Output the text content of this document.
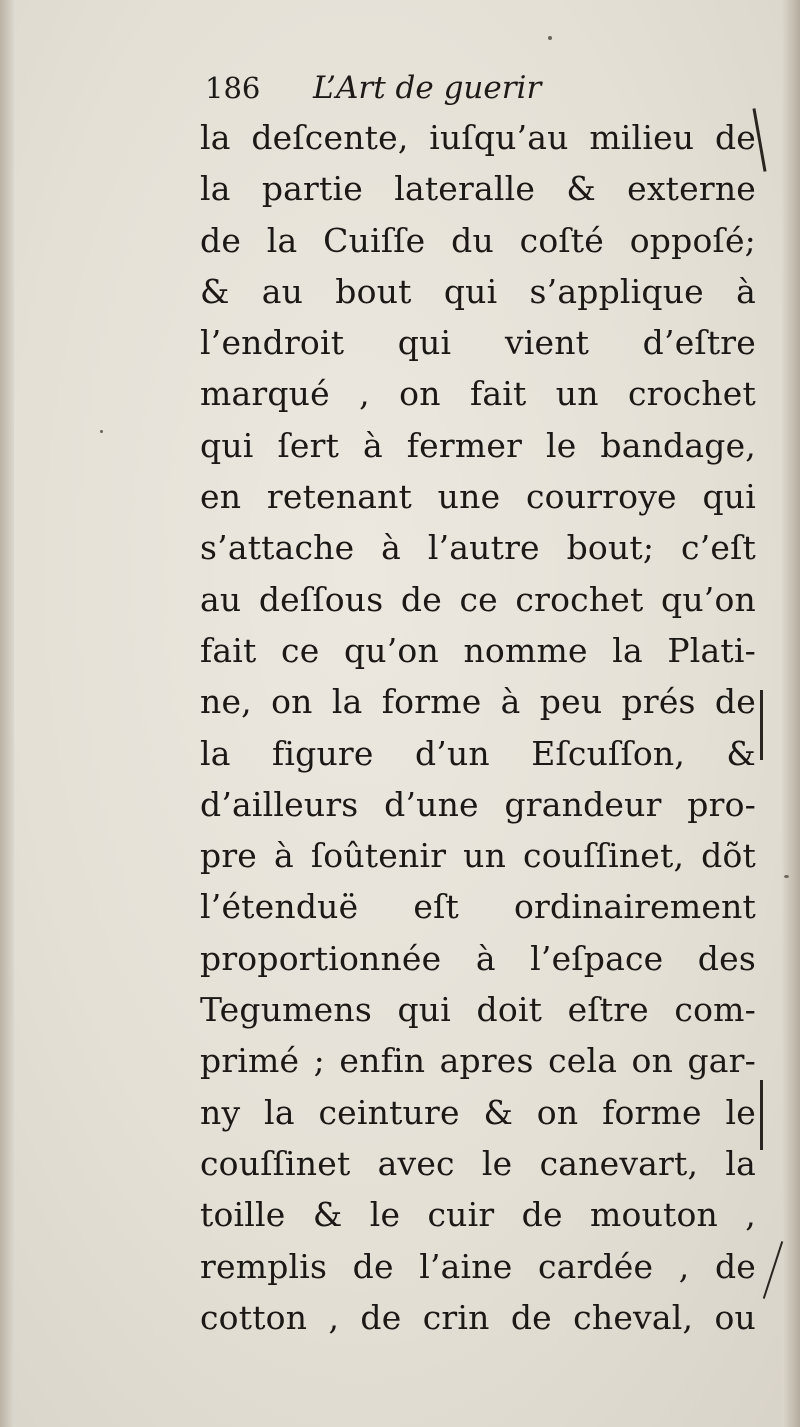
186 L’Art de guerir
la deſcente, iuſqu’au milieu de
la partie lateralle & externe
de la Cuiſſe du coſté oppoſé;
& au bout qui s’applique à
l’endroit qui vient d’eſtre
marqué , on fait un crochet
qui ſert à fermer le bandage,
en retenant une courroye qui
s’attache à l’autre bout; c’eſt
au deſſous de ce crochet qu’on
fait ce qu’on nomme la Plati-
ne, on la forme à peu prés de
la figure d’un Eſcuſſon, &
d’ailleurs d’une grandeur pro-
pre à ſoûtenir un couſſinet, dõt
l’étenduë eſt ordinairement
proportionnée à l’eſpace des
Tegumens qui doit eſtre com-
primé ; enfin apres cela on gar-
ny la ceinture & on forme le
couſſinet avec le canevart, la
toille & le cuir de mouton ,
remplis de l’aine cardée , de
cotton , de crin de cheval, ou
